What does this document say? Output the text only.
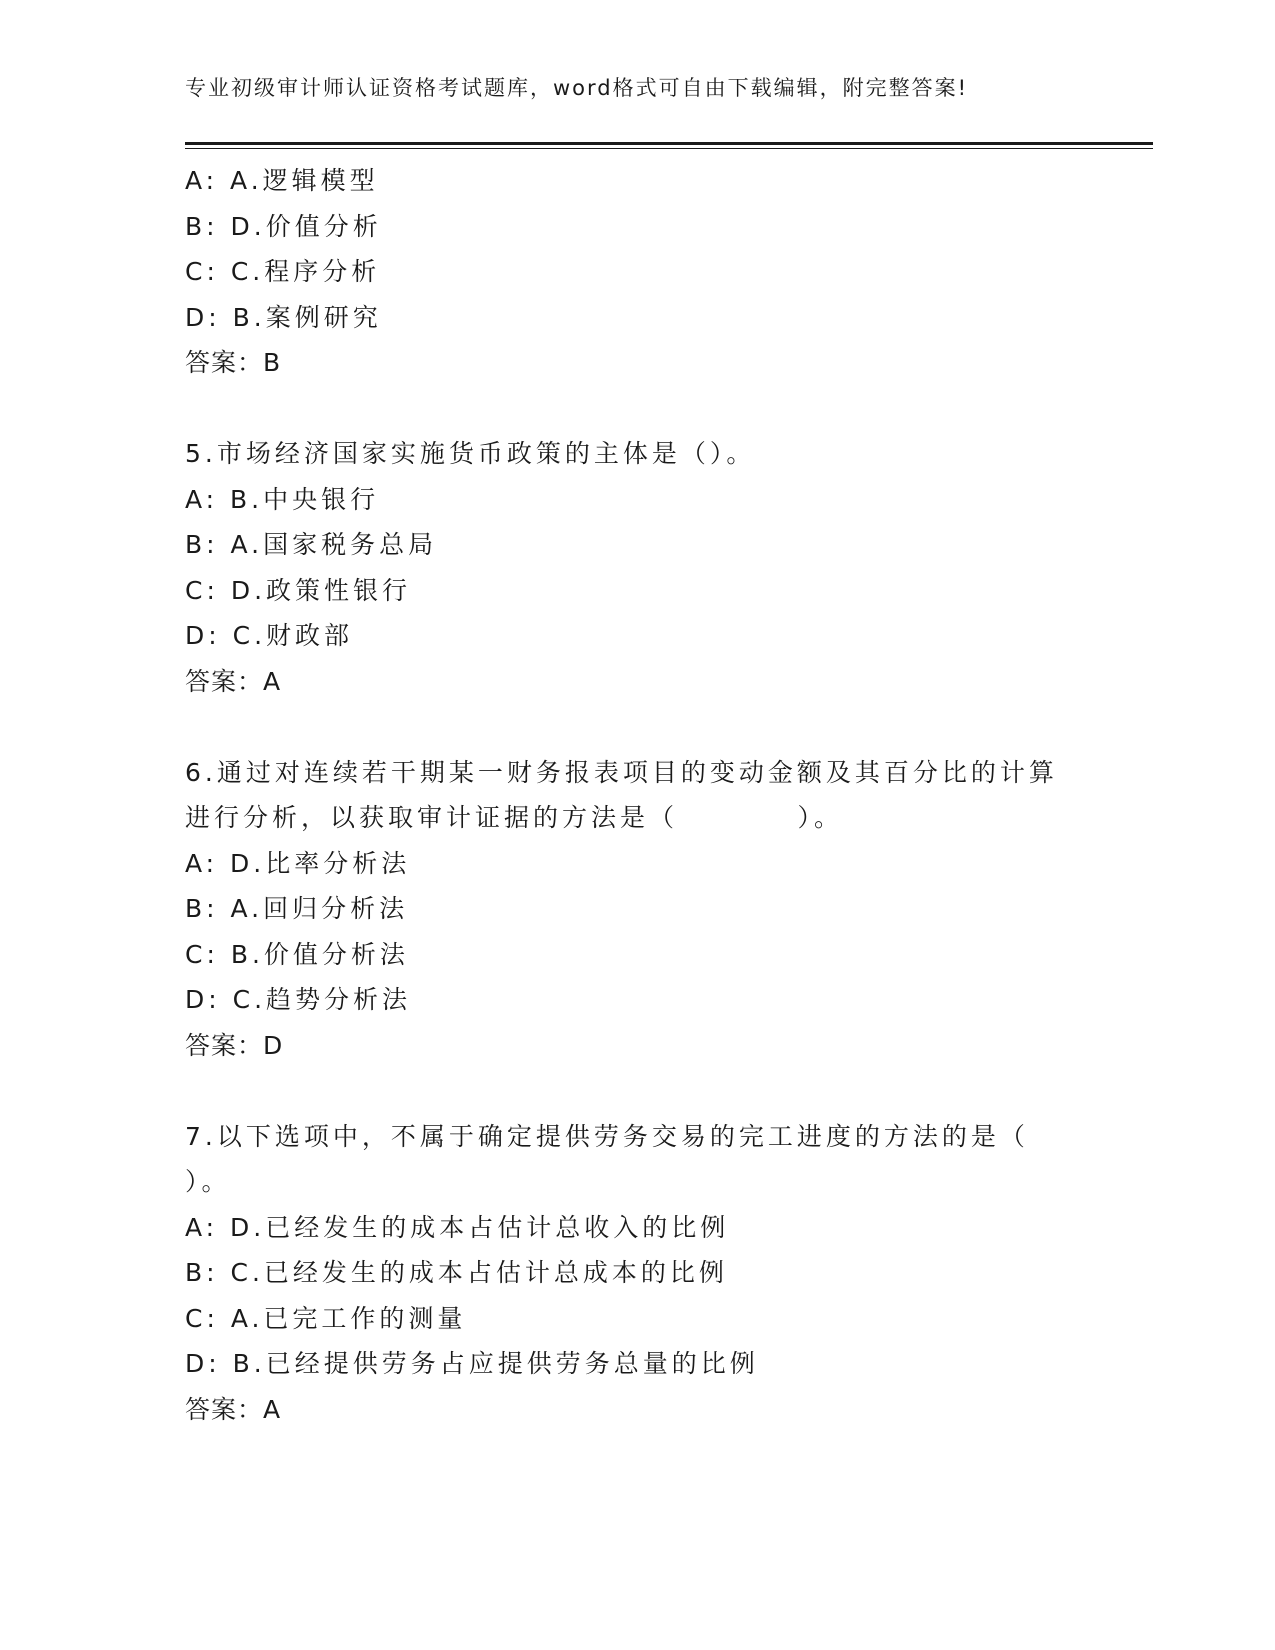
专业初级审计师认证资格考试题库，word格式可自由下载编辑，附完整答案!
A: A.逻辑模型
B: D.价值分析
C: C.程序分析
D: B.案例研究
答案：B
5.市场经济国家实施货币政策的主体是（）。
A: B.中央银行
B: A.国家税务总局
C: D.政策性银行
D: C.财政部
答案：A
6.通过对连续若干期某一财务报表项目的变动金额及其百分比的计算
进行分析，以获取审计证据的方法是（          ）。
A: D.比率分析法
B: A.回归分析法
C: B.价值分析法
D: C.趋势分析法
答案：D
7.以下选项中，不属于确定提供劳务交易的完工进度的方法的是（
）。
A: D.已经发生的成本占估计总收入的比例
B: C.已经发生的成本占估计总成本的比例
C: A.已完工作的测量
D: B.已经提供劳务占应提供劳务总量的比例
答案：A
